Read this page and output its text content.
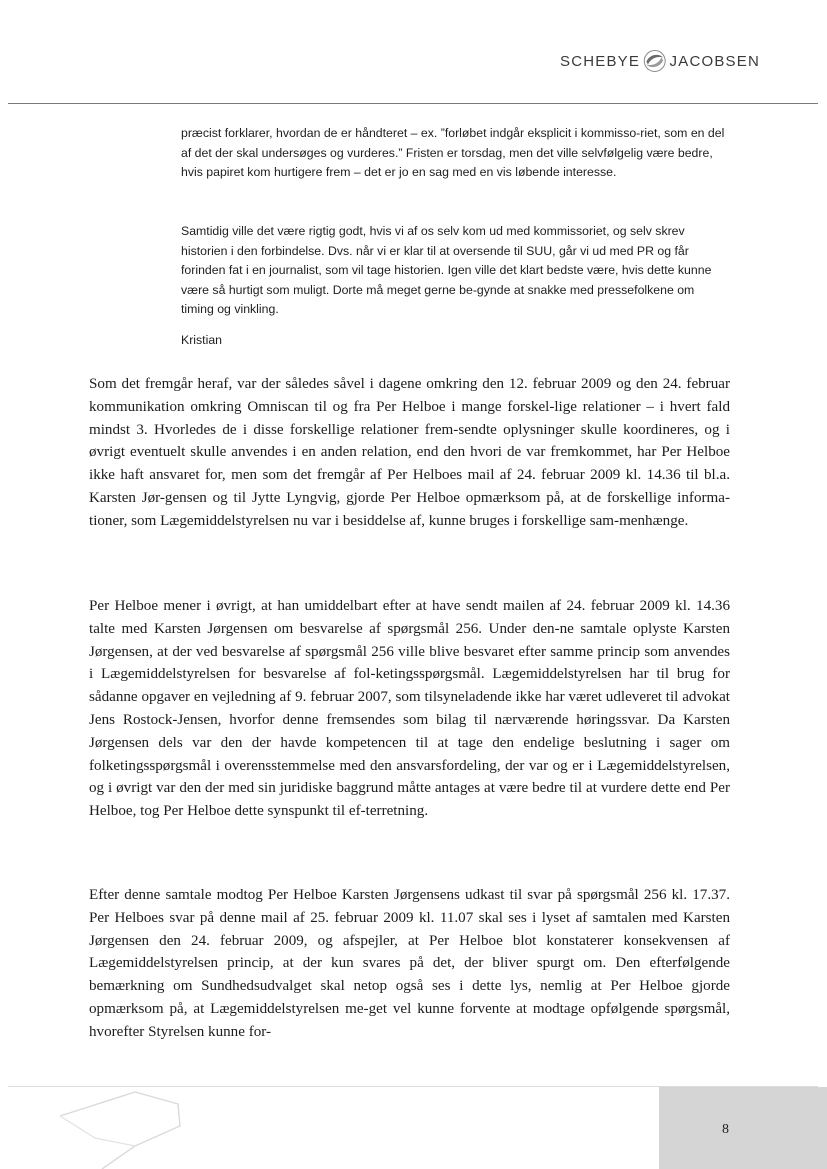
SCHEBYE JACOBSEN

præcist forklarer, hvordan de er håndteret – ex. ”forløbet indgår eksplicit i kommisso-riet, som en del af det der skal undersøges og vurderes.” Fristen er torsdag, men det ville selvfølgelig være bedre, hvis papiret kom hurtigere frem – det er jo en sag med en vis løbende interesse.

Samtidig ville det være rigtig godt, hvis vi af os selv kom ud med kommissoriet, og selv skrev historien i den forbindelse. Dvs. når vi er klar til at oversende til SUU, går vi ud med PR og får forinden fat i en journalist, som vil tage historien. Igen ville det klart bedste være, hvis dette kunne være så hurtigt som muligt. Dorte må meget gerne be-gynde at snakke med pressefolkene om timing og vinkling.

Kristian

Som det fremgår heraf, var der således såvel i dagene omkring den 12. februar 2009 og den 24. februar kommunikation omkring Omniscan til og fra Per Helboe i mange forskel-lige relationer – i hvert fald mindst 3. Hvorledes de i disse forskellige relationer frem-sendte oplysninger skulle koordineres, og i øvrigt eventuelt skulle anvendes i en anden relation, end den hvori de var fremkommet, har Per Helboe ikke haft ansvaret for, men som det fremgår af Per Helboes mail af 24. februar 2009 kl. 14.36 til bl.a. Karsten Jør-gensen og til Jytte Lyngvig, gjorde Per Helboe opmærksom på, at de forskellige informa-tioner, som Lægemiddelstyrelsen nu var i besiddelse af, kunne bruges i forskellige sam-menhænge.

Per Helboe mener i øvrigt, at han umiddelbart efter at have sendt mailen af 24. februar 2009 kl. 14.36 talte med Karsten Jørgensen om besvarelse af spørgsmål 256. Under den-ne samtale oplyste Karsten Jørgensen, at der ved besvarelse af spørgsmål 256 ville blive besvaret efter samme princip som anvendes i Lægemiddelstyrelsen for besvarelse af fol-ketingsspørgsmål. Lægemiddelstyrelsen har til brug for sådanne opgaver en vejledning af 9. februar 2007, som tilsyneladende ikke har været udleveret til advokat Jens Rostock-Jensen, hvorfor denne fremsendes som bilag til nærværende høringssvar. Da Karsten Jørgensen dels var den der havde kompetencen til at tage den endelige beslutning i sager om folketingsspørgsmål i overensstemmelse med den ansvarsfordeling, der var og er i Lægemiddelstyrelsen, og i øvrigt var den der med sin juridiske baggrund måtte antages at være bedre til at vurdere dette end Per Helboe, tog Per Helboe dette synspunkt til ef-terretning.

Efter denne samtale modtog Per Helboe Karsten Jørgensens udkast til svar på spørgsmål 256 kl. 17.37. Per Helboes svar på denne mail af 25. februar 2009 kl. 11.07 skal ses i lyset af samtalen med Karsten Jørgensen den 24. februar 2009, og afspejler, at Per Helboe blot konstaterer konsekvensen af Lægemiddelstyrelsen princip, at der kun svares på det, der bliver spurgt om. Den efterfølgende bemærkning om Sundhedsudvalget skal netop også ses i dette lys, nemlig at Per Helboe gjorde opmærksom på, at Lægemiddelstyrelsen me-get vel kunne forvente at modtage opfølgende spørgsmål, hvorefter Styrelsen kunne for-

8
